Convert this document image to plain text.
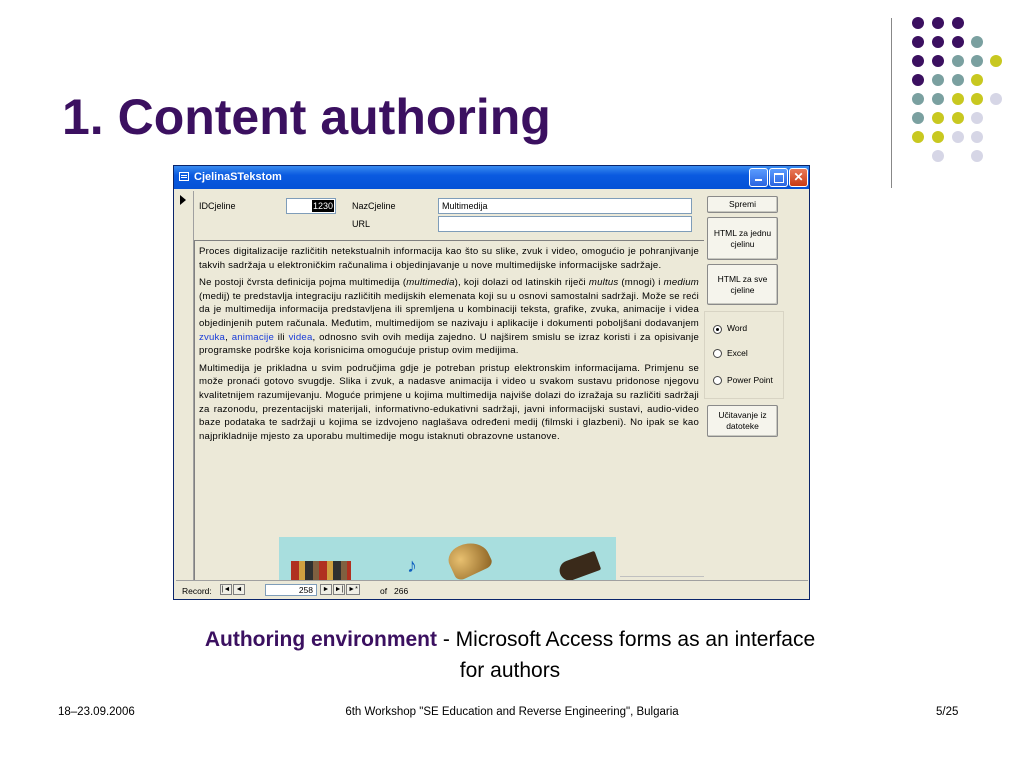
1. Content authoring
CjelinaSTekstom	✕
IDCjeline	1230 NazCjeline	Multimedija
URL

Proces digitalizacije različitih netekstualnih informacija kao što su slike, zvuk i video, omogućio je pohranjivanje takvih sadržaja u elektroničkim računalima i objedinjavanje u nove multimedijske informacijske sadržaje.

Ne postoji čvrsta definicija pojma multimedija (multimedia), koji dolazi od latinskih riječi multus (mnogi) i medium (medij) te predstavlja integraciju različitih medijskih elemenata koji su u osnovi samostalni sadržaji. Može se reći da je multimedija informacija predstavljena ili spremljena u kombinaciji teksta, grafike, zvuka, animacije i videa objedinjenih putem računala. Međutim, multimedijom se nazivaju i aplikacije i dokumenti poboljšani dodavanjem zvuka, animacije ili videa, odnosno svih ovih medija zajedno. U najširem smislu se izraz koristi i za opisivanje programske podrške koja korisnicima omogućuje pristup ovim medijima.

Multimedija je prikladna u svim područjima gdje je potreban pristup elektronskim informacijama. Primjenu se može pronaći gotovo svugdje. Slika i zvuk, a nadasve animacija i video u svakom sustavu pridonose njegovu kvalitetnijem razumijevanju. Moguće primjene u kojima multimedija najviše dolazi do izražaja su različiti sadržaji za razonodu, prezentacijski materijali, informativno-edukativni sadržaji, javni informacijski sustavi, audio-video baze podataka te sadržaji u kojima se izdvojeno naglašava određeni medij (filmski i glazbeni). No ipak se kao najprikladnije mjesto za uporabu multimedije mogu istaknuti obrazovne ustanove.

♪
Spremi
HTML za jednu cjelinu
HTML za sve cjeline
Word
Excel
Power Point
Učitavanje iz datoteke
Record: |◄ ◄	258	► ►| ►*	of 266
Authoring environment - Microsoft Access forms as an interface for authors
18–23.09.2006	6th Workshop "SE Education and Reverse Engineering", Bulgaria	5/25
